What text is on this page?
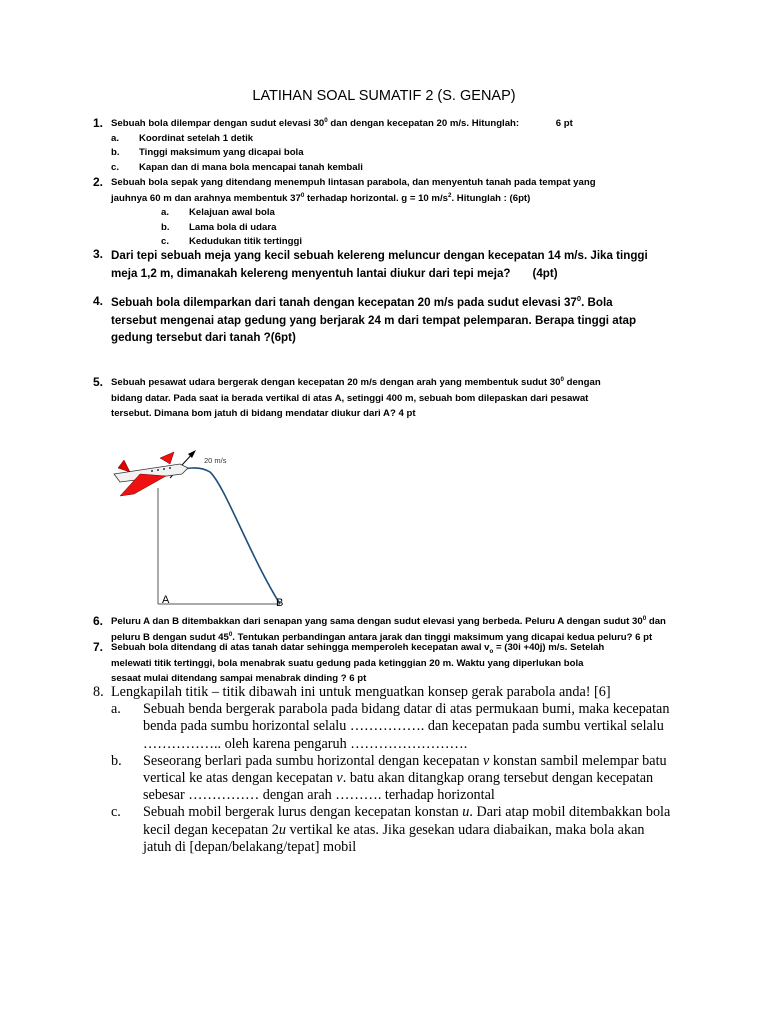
LATIHAN SOAL SUMATIF 2 (S. GENAP)
1. Sebuah bola dilempar dengan sudut elevasi $30^0$ dan dengan kecepatan 20 m/s. Hitunglah:	6 pt
a. Koordinat setelah 1 detik
b. Tinggi maksimum yang dicapai bola
c. Kapan dan di mana bola mencapai tanah kembali
2. Sebuah bola sepak yang ditendang menempuh lintasan parabola, dan menyentuh tanah pada tempat yang
jauhnya 60 m dan arahnya membentuk $37^0$ terhadap horizontal. g = 10 $m/s^2$. Hitunglah : (6pt)
a. Kelajuan awal bola
b. Lama bola di udara
c. Kedudukan titik tertinggi
3. Dari tepi sebuah meja yang kecil sebuah kelereng meluncur dengan kecepatan 14 m/s. Jika tinggi
meja 1,2 m, dimanakah kelereng menyentuh lantai diukur dari tepi meja? (4pt)
4. Sebuah bola dilemparkan dari tanah dengan kecepatan 20 m/s pada sudut elevasi $37^0$. Bola
tersebut mengenai atap gedung yang berjarak 24 m dari tempat pelemparan. Berapa tinggi atap
gedung tersebut dari tanah ?(6pt)
5. Sebuah pesawat udara bergerak dengan kecepatan 20 m/s dengan arah yang membentuk sudut $30^0$ dengan
bidang datar. Pada saat ia berada vertikal di atas A, setinggi 400 m, sebuah bom dilepaskan dari pesawat
tersebut. Dimana bom jatuh di bidang mendatar diukur dari A? 4 pt
20 m/s
A	B
6. Peluru A dan B ditembakkan dari senapan yang sama dengan sudut elevasi yang berbeda. Peluru A dengan sudut $30^0$ dan
peluru B dengan sudut $45^0$. Tentukan perbandingan antara jarak dan tinggi maksimum yang dicapai kedua peluru? 6 pt
7. Sebuah bola ditendang di atas tanah datar sehingga memperoleh kecepatan awal $v_o = (30i +40j)$ m/s. Setelah
melewati titik tertinggi, bola menabrak suatu gedung pada ketinggian 20 m. Waktu yang diperlukan bola
sesaat mulai ditendang sampai menabrak dinding ? 6 pt
8. Lengkapilah titik – titik dibawah ini untuk menguatkan konsep gerak parabola anda! [6]
a. Sebuah benda bergerak parabola pada bidang datar di atas permukaan bumi, maka kecepatan
benda pada sumbu horizontal selalu ……………. dan kecepatan pada sumbu vertikal selalu
…………….. oleh karena pengaruh …………………….
b. Seseorang berlari pada sumbu horizontal dengan kecepatan v konstan sambil melempar batu
vertical ke atas dengan kecepatan v. batu akan ditangkap orang tersebut dengan kecepatan
sebesar …………… dengan arah ………. terhadap horizontal
c. Sebuah mobil bergerak lurus dengan kecepatan konstan u. Dari atap mobil ditembakkan bola
kecil degan kecepatan 2u vertikal ke atas. Jika gesekan udara diabaikan, maka bola akan
jatuh di [depan/belakang/tepat] mobil
